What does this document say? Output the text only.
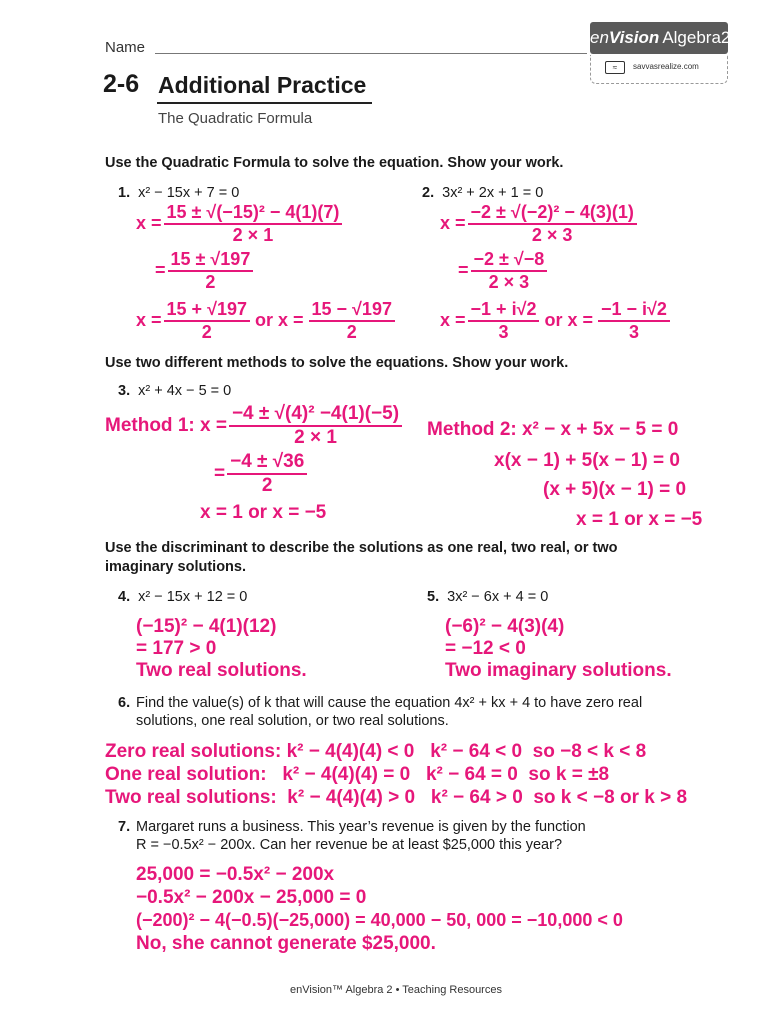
Name
enVision Algebra2
≈	savvasrealize.com
2-6 Additional Practice
The Quadratic Formula
Use the Quadratic Formula to solve the equation. Show your work.
1. x² − 15x + 7 = 0
$x = \frac{\text{15 ± √(−15)² − 4(1)(7)}}{2 \times 1}$
= $\frac{15 \pm √197}{2}$
$x = \frac{15 + √197}{2}$ or $x = \frac{15 - √197}{2}$
2. 3x² + 2x + 1 = 0
$x = \frac{\text{−2 ± √(−2)² − 4(3)(1)}}{2 \times 3}$
= $\frac{-2 \pm √-8}{2 \times 3}$
$x = \frac{-1 + i√2}{3}$ or $x = \frac{-1 - i√2}{3}$
Use two different methods to solve the equations. Show your work.
3. x² + 4x − 5 = 0
Method 1: $x = \frac{\text{−4 ± √(4)² −4(1)(−5)}}{2 \times 1}$
= $\frac{-4 \pm √36}{2}$
x = 1 or x = −5
Method 2: x² − x + 5x − 5 = 0
x(x − 1) + 5(x − 1) = 0
(x + 5)(x − 1) = 0
x = 1 or x = −5
Use the discriminant to describe the solutions as one real, two real, or two
imaginary solutions.
4. x² − 15x + 12 = 0
(−15)² − 4(1)(12)
= 177 > 0
Two real solutions.
5. 3x² − 6x + 4 = 0
(−6)² − 4(3)(4)
= −12 < 0
Two imaginary solutions.
6. Find the value(s) of k that will cause the equation 4x² + kx + 4 to have zero real
solutions, one real solution, or two real solutions.
Zero real solutions: k² − 4(4)(4) < 0   k² − 64 < 0  so −8 < k < 8
One real solution:   k² − 4(4)(4) = 0   k² − 64 = 0  so k = ±8
Two real solutions:  k² − 4(4)(4) > 0   k² − 64 > 0  so k < −8 or k > 8
7. Margaret runs a business. This year’s revenue is given by the function
R = −0.5x² − 200x. Can her revenue be at least $25,000 this year?
25,000 = −0.5x² − 200x
−0.5x² − 200x − 25,000 = 0
(−200)² − 4(−0.5)(−25,000) = 40,000 − 50, 000 = −10,000 < 0
No, she cannot generate $25,000.
enVision™ Algebra 2 • Teaching Resources
